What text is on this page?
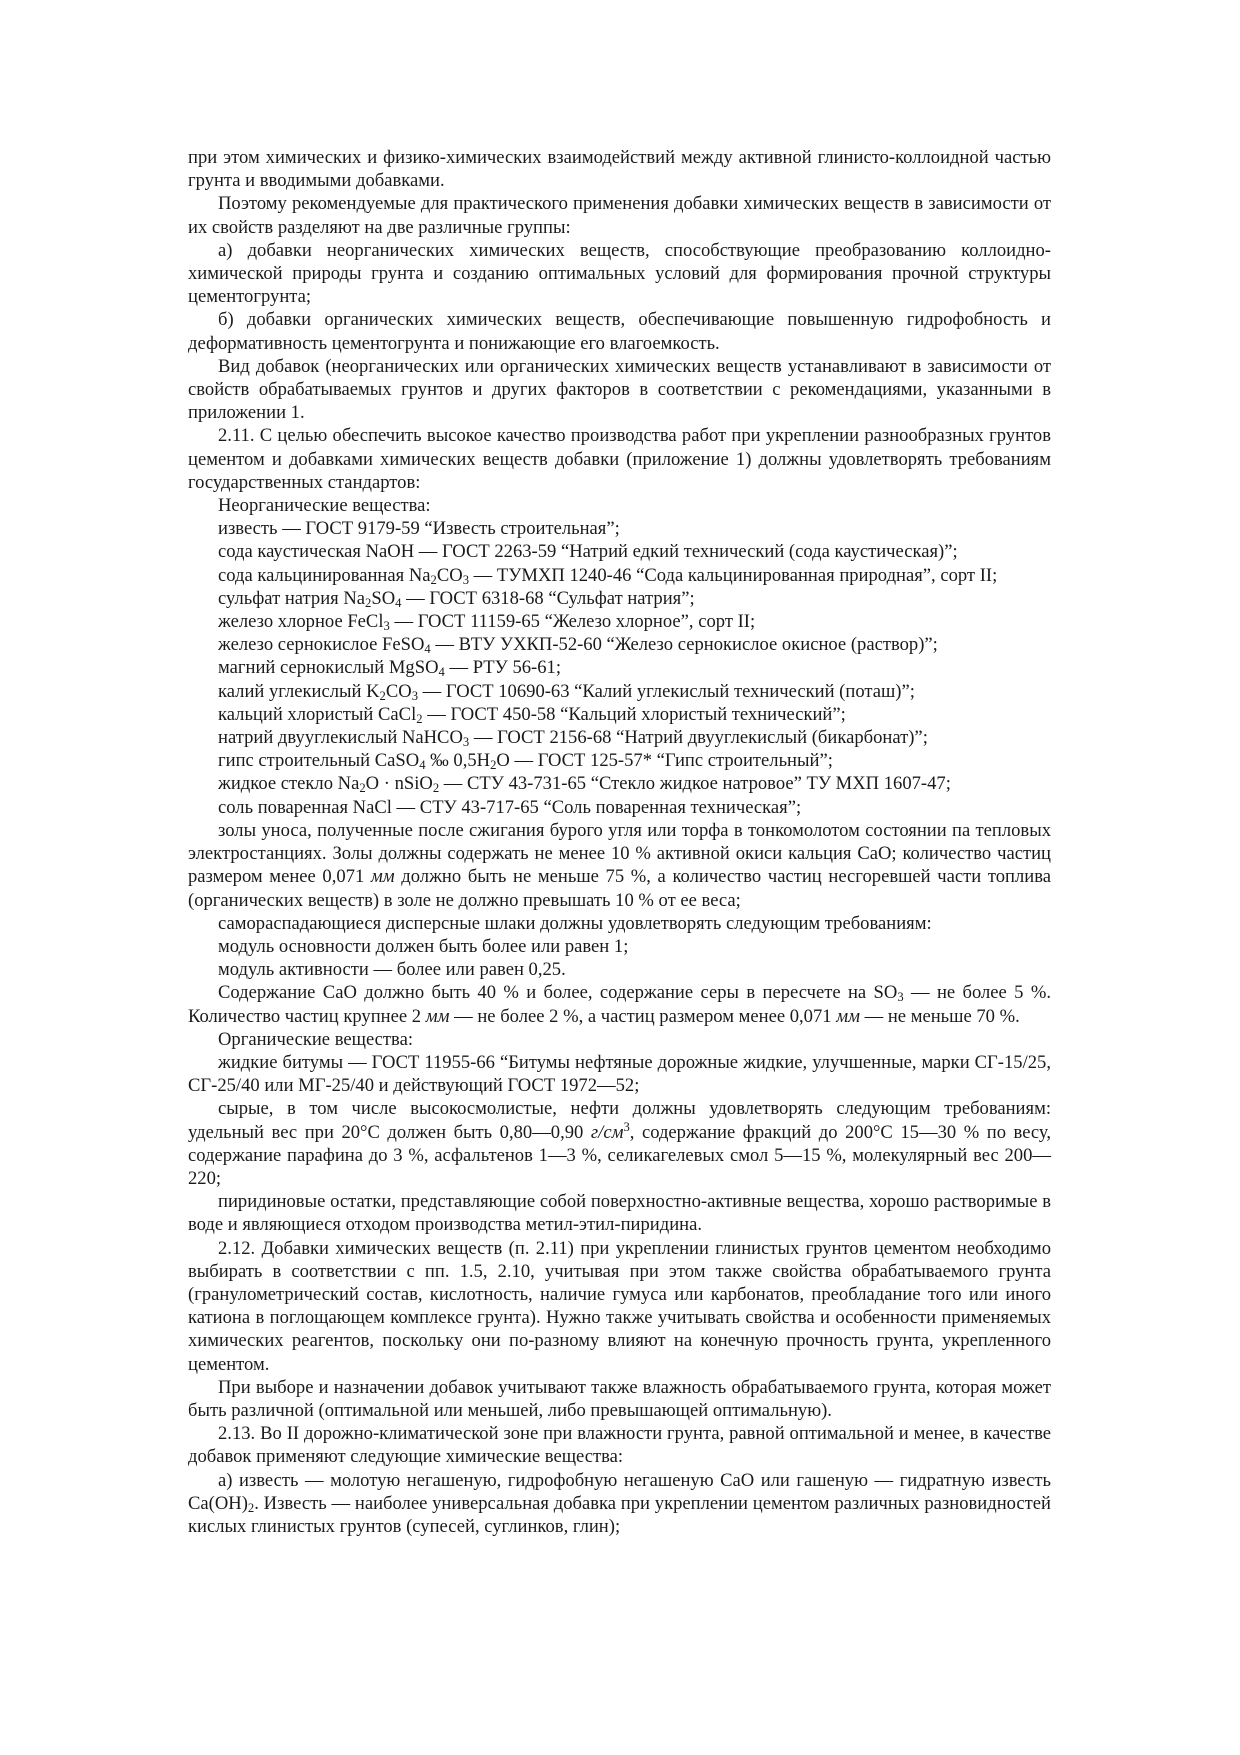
при этом химических и физико-химических взаимодействий между активной глинисто-коллоидной частью грунта и вводимыми добавками.

Поэтому рекомендуемые для практического применения добавки химических веществ в зависимости от их свойств разделяют на две различные группы:

а) добавки неорганических химических веществ, способствующие преобразованию коллоидно-химической природы грунта и созданию оптимальных условий для формирования прочной структуры цементогрунта;

б) добавки органических химических веществ, обеспечивающие повышенную гидрофобность и деформативность цементогрунта и понижающие его влагоемкость.

Вид добавок (неорганических или органических химических веществ устанавливают в зависимости от свойств обрабатываемых грунтов и других факторов в соответствии с рекомендациями, указанными в приложении 1.

2.11. С целью обеспечить высокое качество производства работ при укреплении разнообразных грунтов цементом и добавками химических веществ добавки (приложение 1) должны удовлетворять требованиям государственных стандартов:

Неорганические вещества:

известь — ГОСТ 9179-59 “Известь строительная”;

сода каустическая NaOH — ГОСТ 2263-59 “Натрий едкий технический (сода каустическая)”;

сода кальцинированная $Na_2CO_3$ — ТУМХП 1240-46 “Сода кальцинированная природная”, сорт II;

сульфат натрия $Na_2SO_4$ — ГОСТ 6318-68 “Сульфат натрия”;

железо хлорное FeCl$_3$ — ГОСТ 11159-65 “Железо хлорное”, сорт II;

железо сернокислое FeSO$_4$ — ВТУ УХКП-52-60 “Железо сернокислое окисное (раствор)”;

магний сернокислый MgSO$_4$ — РТУ 56-61;

калий углекислый $K_2CO_3$ — ГОСТ 10690-63 “Калий углекислый технический (поташ)”;

кальций хлористый CaCl$_2$ — ГОСТ 450-58 “Кальций хлористый технический”;

натрий двууглекислый NaHCO$_3$ — ГОСТ 2156-68 “Натрий двууглекислый (бикарбонат)”;

гипс строительный CaSO$_4$ ‰ $0,5H_2O$ — ГОСТ 125-57* “Гипс строительный”;

жидкое стекло $Na_2O$ · nSiO$_2$ — СТУ 43-731-65 “Стекло жидкое натровое” ТУ МХП 1607-47;

соль поваренная NaCl — СТУ 43-717-65 “Соль поваренная техническая”;

золы уноса, полученные после сжигания бурого угля или торфа в тонкомолотом состоянии па тепловых электростанциях. Золы должны содержать не менее 10 % активной окиси кальция CaO; количество частиц размером менее 0,071 мм должно быть не меньше 75 %, а количество частиц несгоревшей части топлива (органических веществ) в золе не должно превышать 10 % от ее веса;

самораспадающиеся дисперсные шлаки должны удовлетворять следующим требованиям:

модуль основности должен быть более или равен 1;

модуль активности — более или равен 0,25.

Содержание CaO должно быть 40 % и более, содержание серы в пересчете на $SO_3$ — не более 5 %. Количество частиц крупнее 2 мм — не более 2 %, а частиц размером менее 0,071 мм — не меньше 70 %.

Органические вещества:

жидкие битумы — ГОСТ 11955-66 “Битумы нефтяные дорожные жидкие, улучшенные, марки СГ-15/25, СГ-25/40 или МГ-25/40 и действующий ГОСТ 1972—52;

сырые, в том числе высокосмолистые, нефти должны удовлетворять следующим требованиям: удельный вес при 20°C должен быть 0,80—0,90 $г/см^3$, содержание фракций до 200°C 15—30 % по весу, содержание парафина до 3 %, асфальтенов 1—3 %, селикагелевых смол 5—15 %, молекулярный вес 200— 220;

пиридиновые остатки, представляющие собой поверхностно-активные вещества, хорошо растворимые в воде и являющиеся отходом производства метил-этил-пиридина.

2.12. Добавки химических веществ (п. 2.11) при укреплении глинистых грунтов цементом необходимо выбирать в соответствии с пп. 1.5, 2.10, учитывая при этом также свойства обрабатываемого грунта (гранулометрический состав, кислотность, наличие гумуса или карбонатов, преобладание того или иного катиона в поглощающем комплексе грунта). Нужно также учитывать свойства и особенности применяемых химических реагентов, поскольку они по-разному влияют на конечную прочность грунта, укрепленного цементом.

При выборе и назначении добавок учитывают также влажность обрабатываемого грунта, которая может быть различной (оптимальной или меньшей, либо превышающей оптимальную).

2.13. Во II дорожно-климатической зоне при влажности грунта, равной оптимальной и менее, в качестве добавок применяют следующие химические вещества:

а) известь — молотую негашеную, гидрофобную негашеную CaO или гашеную — гидратную известь $Ca(OH)_2$. Известь — наиболее универсальная добавка при укреплении цементом различных разновидностей кислых глинистых грунтов (супесей, суглинков, глин);
